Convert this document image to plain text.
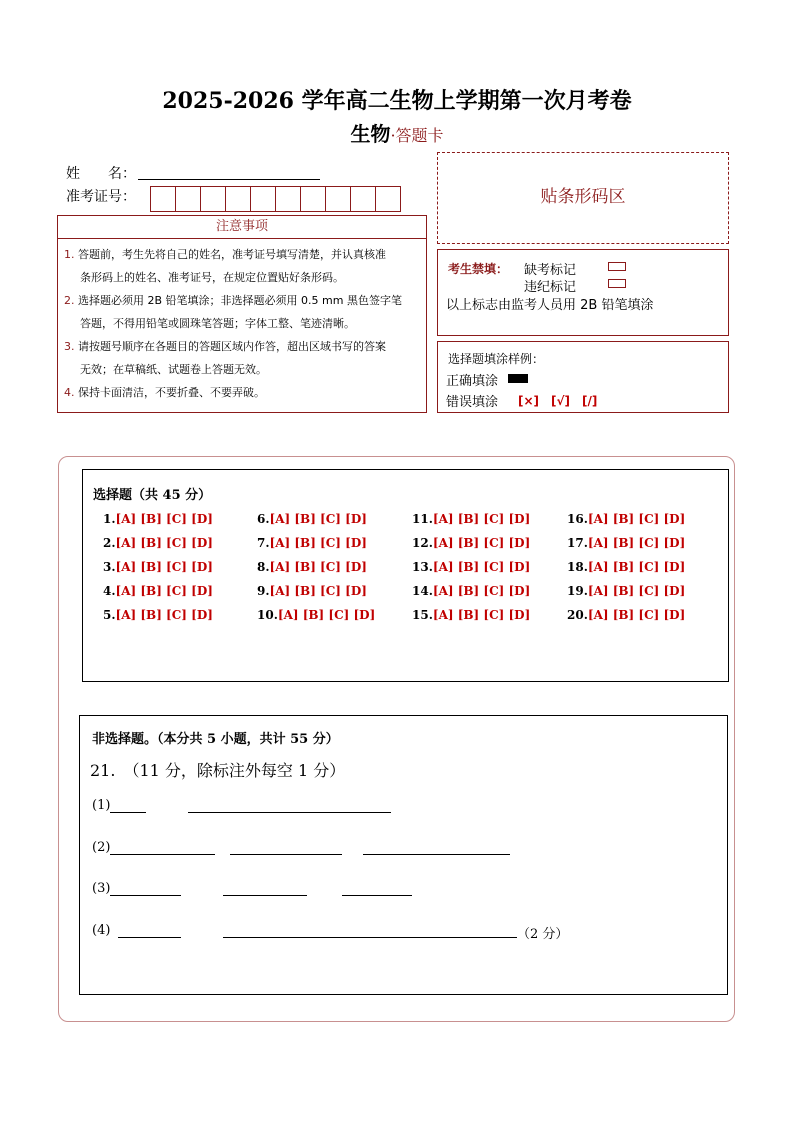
2025-2026 学年高二生物上学期第一次月考卷
生物·答题卡
姓　　名：
准考证号：
注意事项
1. 答题前，考生先将自己的姓名，准考证号填写清楚，并认真核准
条形码上的姓名、准考证号，在规定位置贴好条形码。
2. 选择题必须用 2B 铅笔填涂；非选择题必须用 0.5 mm 黑色签字笔
答题，不得用铅笔或圆珠笔答题；字体工整、笔迹清晰。
3. 请按题号顺序在各题目的答题区域内作答，超出区域书写的答案
无效；在草稿纸、试题卷上答题无效。
4. 保持卡面清洁，不要折叠、不要弄破。
贴条形码区
考生禁填： 缺考标记
违纪标记
以上标志由监考人员用 2B 铅笔填涂
选择题填涂样例：
正确填涂
错误填涂 [×]　[√]　[/]
选择题（共 45 分）
1.[A] [B] [C] [D]
2.[A] [B] [C] [D]
3.[A] [B] [C] [D]
4.[A] [B] [C] [D]
5.[A] [B] [C] [D]
6.[A] [B] [C] [D]
7.[A] [B] [C] [D]
8.[A] [B] [C] [D]
9.[A] [B] [C] [D]
10.[A] [B] [C] [D]
11.[A] [B] [C] [D]
12.[A] [B] [C] [D]
13.[A] [B] [C] [D]
14.[A] [B] [C] [D]
15.[A] [B] [C] [D]
16.[A] [B] [C] [D]
17.[A] [B] [C] [D]
18.[A] [B] [C] [D]
19.[A] [B] [C] [D]
20.[A] [B] [C] [D]
非选择题。（本分共 5 小题，共计 55 分）
21.　（11 分，除标注外每空 1 分）
(1)
(2)
(3)
(4)	（2 分）
